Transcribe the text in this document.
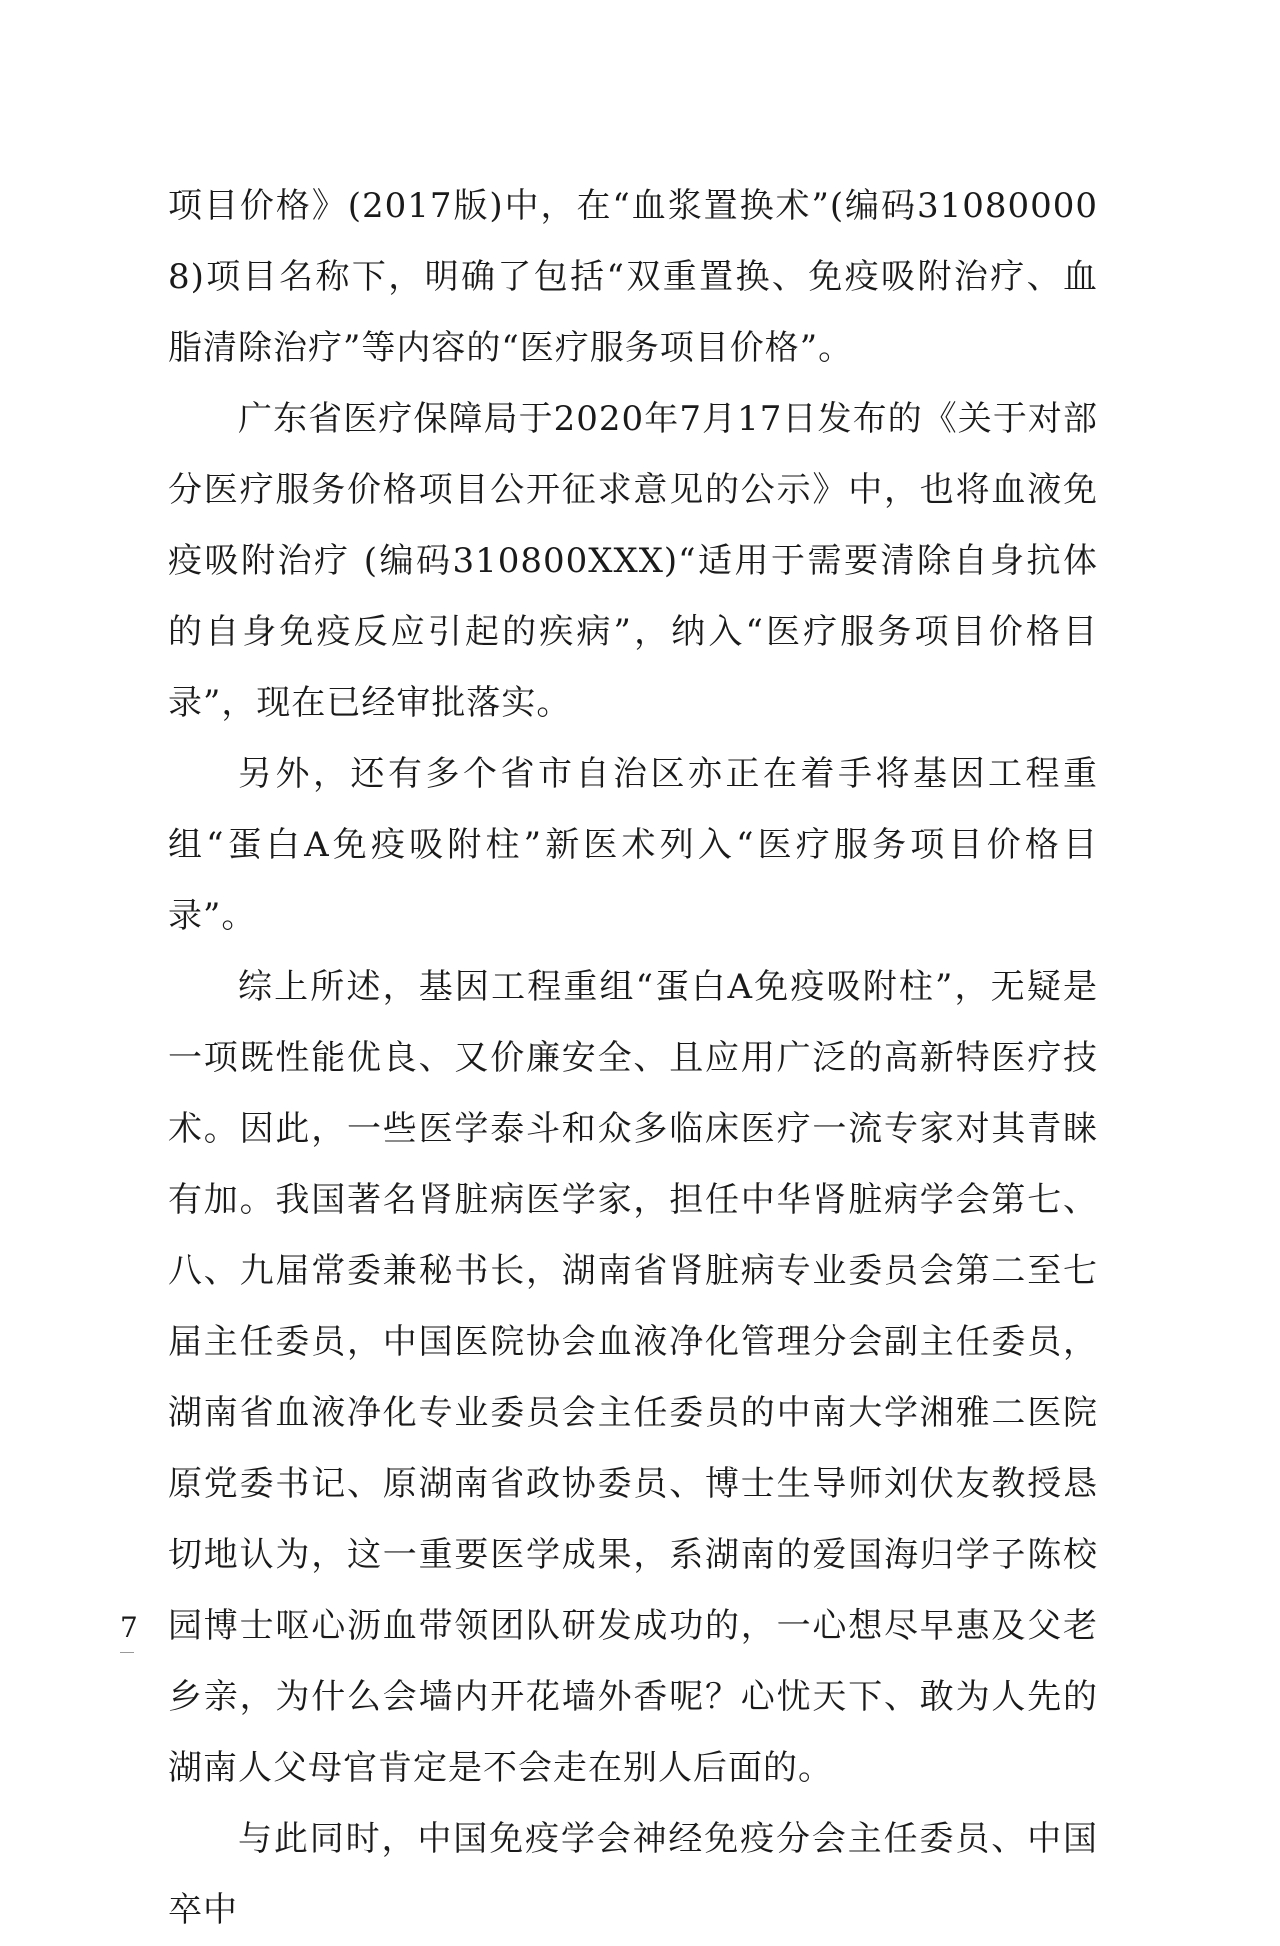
项目价格》(2017版)中，在“血浆置换术”(编码310800008)项目名称下，明确了包括“双重置换、免疫吸附治疗、血脂清除治疗”等内容的“医疗服务项目价格”。

广东省医疗保障局于2020年7月17日发布的《关于对部分医疗服务价格项目公开征求意见的公示》中，也将血液免疫吸附治疗 (编码310800XXX)“适用于需要清除自身抗体的自身免疫反应引起的疾病”，纳入“医疗服务项目价格目录”，现在已经审批落实。

另外，还有多个省市自治区亦正在着手将基因工程重组“蛋白A免疫吸附柱”新医术列入“医疗服务项目价格目录”。

综上所述，基因工程重组“蛋白A免疫吸附柱”，无疑是一项既性能优良、又价廉安全、且应用广泛的高新特医疗技术。因此，一些医学泰斗和众多临床医疗一流专家对其青睐有加。我国著名肾脏病医学家，担任中华肾脏病学会第七、八、九届常委兼秘书长，湖南省肾脏病专业委员会第二至七届主任委员，中国医院协会血液净化管理分会副主任委员，湖南省血液净化专业委员会主任委员的中南大学湘雅二医院原党委书记、原湖南省政协委员、博士生导师刘伏友教授恳切地认为，这一重要医学成果，系湖南的爱国海归学子陈校园博士呕心沥血带领团队研发成功的，一心想尽早惠及父老乡亲，为什么会墙内开花墙外香呢？心忧天下、敢为人先的湖南人父母官肯定是不会走在别人后面的。

与此同时，中国免疫学会神经免疫分会主任委员、中国卒中

7
